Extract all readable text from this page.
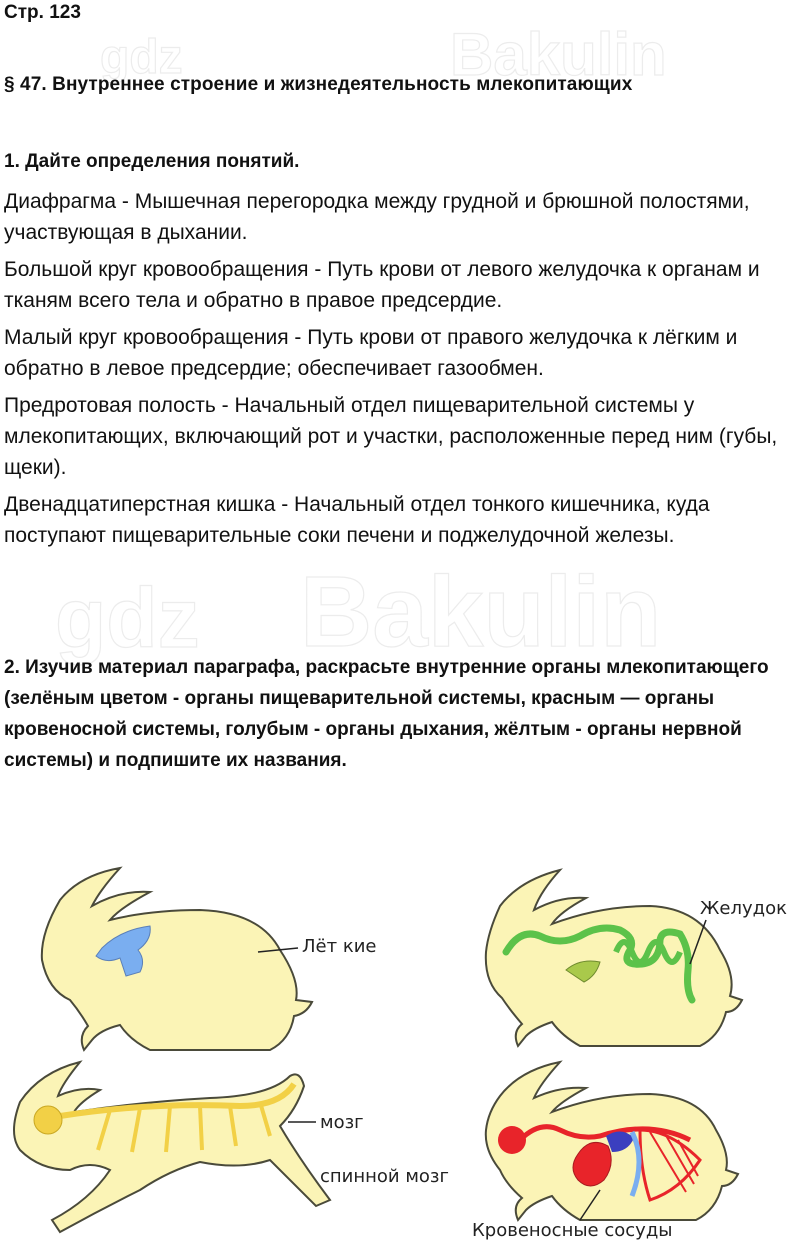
gdz	Bakulin
gdz Bakulin
Стр. 123
§ 47. Внутреннее строение и жизнедеятельность млекопитающих
1. Дайте определения понятий.
Диафрагма - Мышечная перегородка между грудной и брюшной полостями, участвующая в дыхании.
Большой круг кровообращения - Путь крови от левого желудочка к органам и тканям всего тела и обратно в правое предсердие.
Малый круг кровообращения - Путь крови от правого желудочка к лёгким и обратно в левое предсердие; обеспечивает газообмен.
Предротовая полость - Начальный отдел пищеварительной системы у млекопитающих, включающий рот и участки, расположенные перед ним (губы, щеки).
Двенадцатиперстная кишка - Начальный отдел тонкого кишечника, куда поступают пищеварительные соки печени и поджелудочной железы.
2. Изучив материал параграфа, раскрасьте внутренние органы млекопитающего (зелёным цветом - органы пищеварительной системы, красным — органы кровеносной системы, голубым - органы дыхания, жёлтым - органы нервной системы) и подпишите их названия.
Лёт кие
Желудок
мозг
спинной мозг
Кровеносные сосуды
